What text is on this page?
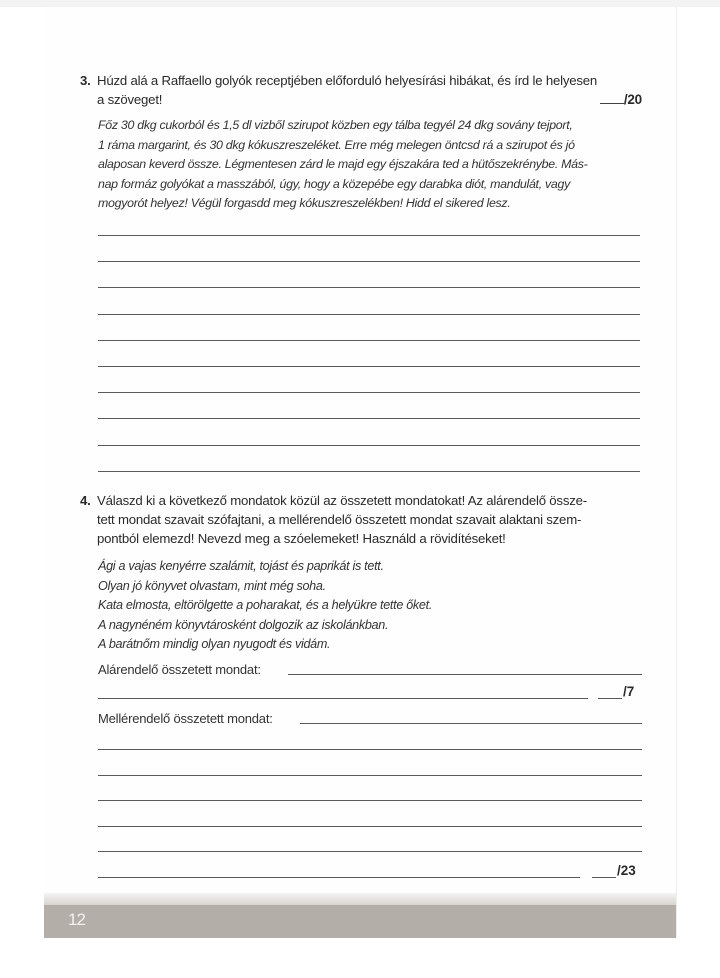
3. Húzd alá a Raffaello golyók receptjében előforduló helyesírási hibákat, és írd le helyesen
a szöveget!	/20
Főz 30 dkg cukorból és 1,5 dl vizből szirupot közben egy tálba tegyél 24 dkg sovány tejport,
1 ráma margarint, és 30 dkg kókuszreszeléket. Erre még melegen öntcsd rá a szirupot és jó
alaposan keverd össze. Légmentesen zárd le majd egy éjszakára ted a hütőszekrénybe. Más-
nap formáz golyókat a masszából, úgy, hogy a közepébe egy darabka diót, mandulát, vagy
mogyorót helyez! Végül forgasdd meg kókuszreszelékben! Hidd el sikered lesz.
4. Válaszd ki a következő mondatok közül az összetett mondatokat! Az alárendelő össze-
tett mondat szavait szófajtani, a mellérendelő összetett mondat szavait alaktani szem-
pontból elemezd! Nevezd meg a szóelemeket! Használd a rövidítéseket!
Ági a vajas kenyérre szalámit, tojást és paprikát is tett.
Olyan jó könyvet olvastam, mint még soha.
Kata elmosta, eltörölgette a poharakat, és a helyükre tette őket.
A nagynéném könyvtárosként dolgozik az iskolánkban.
A barátnőm mindig olyan nyugodt és vidám.
Alárendelő összetett mondat:
/7
Mellérendelő összetett mondat:
/23
12
